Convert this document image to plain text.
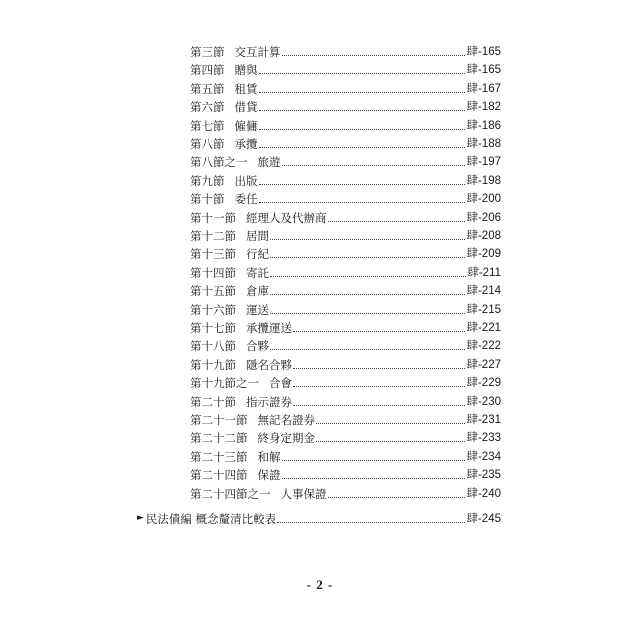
第三節 交互計算	肆-165
第四節 贈與	肆-165
第五節 租賃	肆-167
第六節 借貸	肆-182
第七節 僱傭	肆-186
第八節 承攬	肆-188
第八節之一 旅遊	肆-197
第九節 出版	肆-198
第十節 委任	肆-200
第十一節 經理人及代辦商	肆-206
第十二節 居間	肆-208
第十三節 行紀	肆-209
第十四節 寄託	肆-211
第十五節 倉庫	肆-214
第十六節 運送	肆-215
第十七節 承攬運送	肆-221
第十八節 合夥	肆-222
第十九節 隱名合夥	肆-227
第十九節之一 合會	肆-229
第二十節 指示證券	肆-230
第二十一節 無記名證券	肆-231
第二十二節 終身定期金	肆-233
第二十三節 和解	肆-234
第二十四節 保證	肆-235
第二十四節之一 人事保證	肆-240
► 民法債編 概念釐清比較表	肆-245
- 2 -
